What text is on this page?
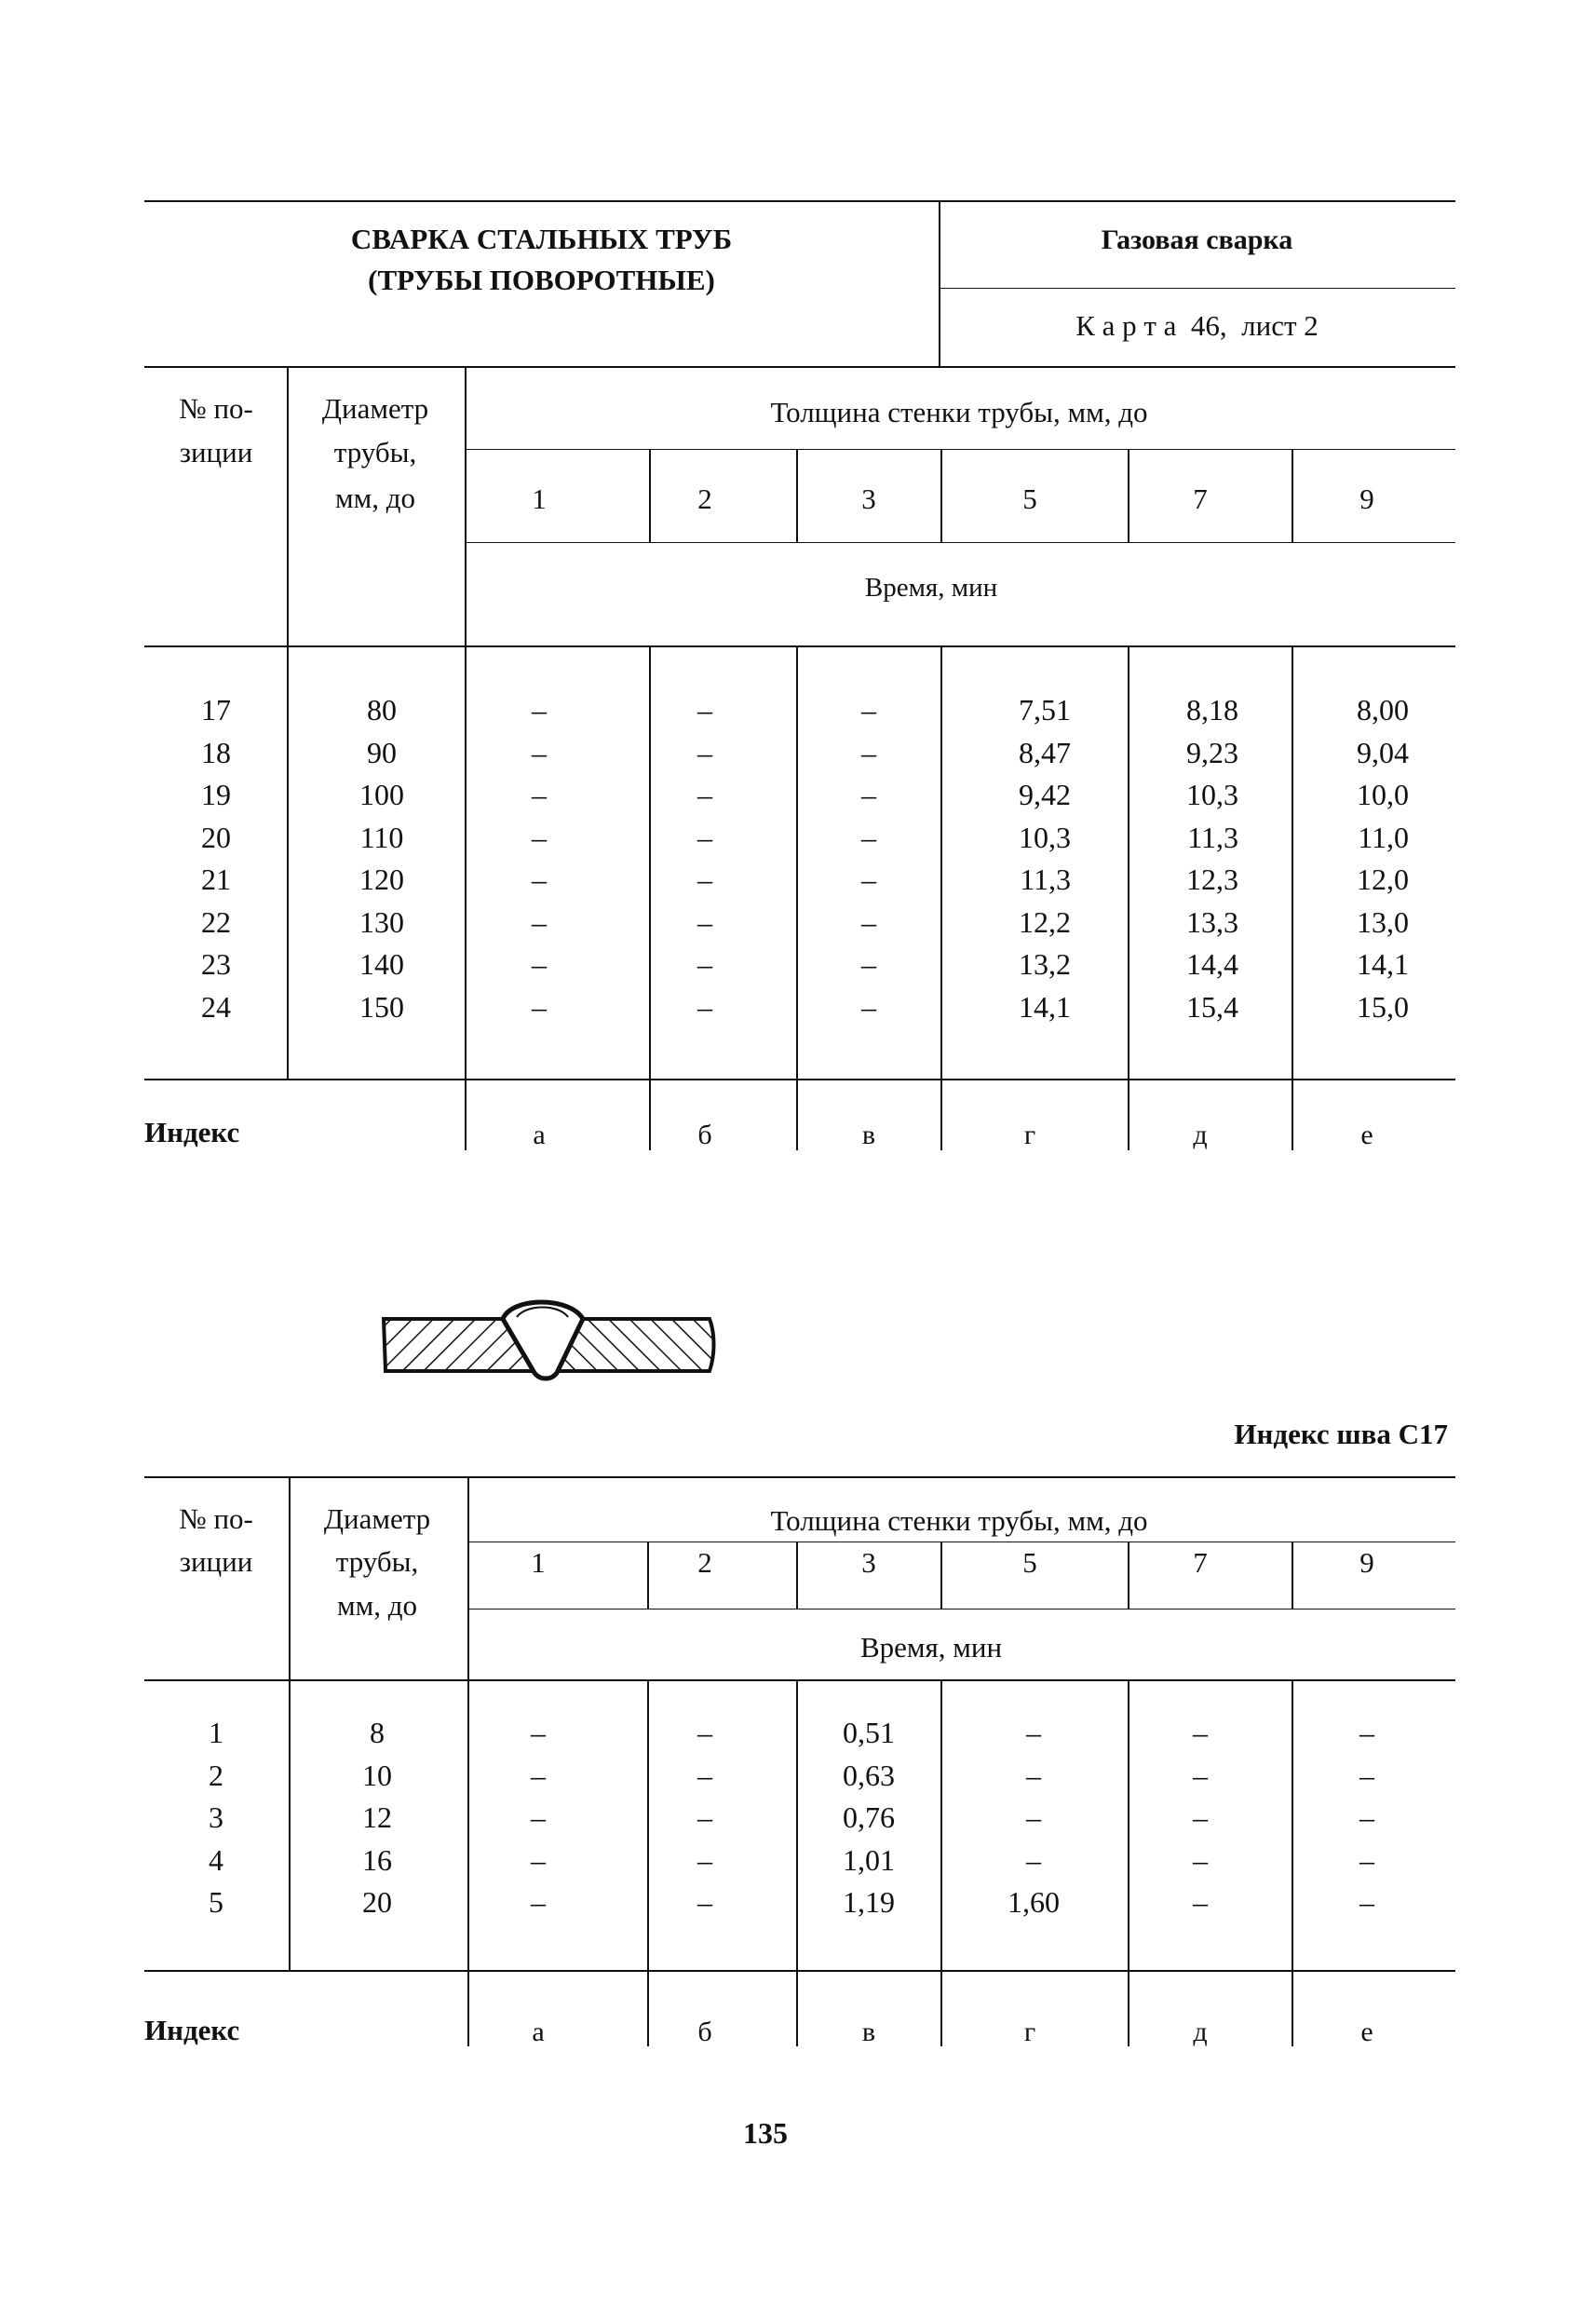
СВАРКА СТАЛЬНЫХ ТРУБ
(ТРУБЫ ПОВОРОТНЫЕ)
Газовая сварка
К а р т а  46,  лист 2
№ по-
зиции
Диаметр
трубы,
мм, до
Толщина стенки трубы, мм, до
1	2	3	5	7	9
Время, мин
17	80	–	–	–	7,51	8,18	8,00
18	90	–	–	–	8,47	9,23	9,04
19	100	–	–	–	9,42	10,3	10,0
20	110	–	–	–	10,3	11,3	11,0
21	120	–	–	–	11,3	12,3	12,0
22	130	–	–	–	12,2	13,3	13,0
23	140	–	–	–	13,2	14,4	14,1
24	150	–	–	–	14,1	15,4	15,0
Индекс	а	б	в	г	д	е
Индекс шва С17
№ по-
зиции
Диаметр
трубы,
мм, до
Толщина стенки трубы, мм, до
1	2	3	5	7	9
Время, мин
1	8	–	–	0,51	–	–	–
2	10	–	–	0,63	–	–	–
3	12	–	–	0,76	–	–	–
4	16	–	–	1,01	–	–	–
5	20	–	–	1,19	1,60	–	–
Индекс	а	б	в	г	д	е
135
